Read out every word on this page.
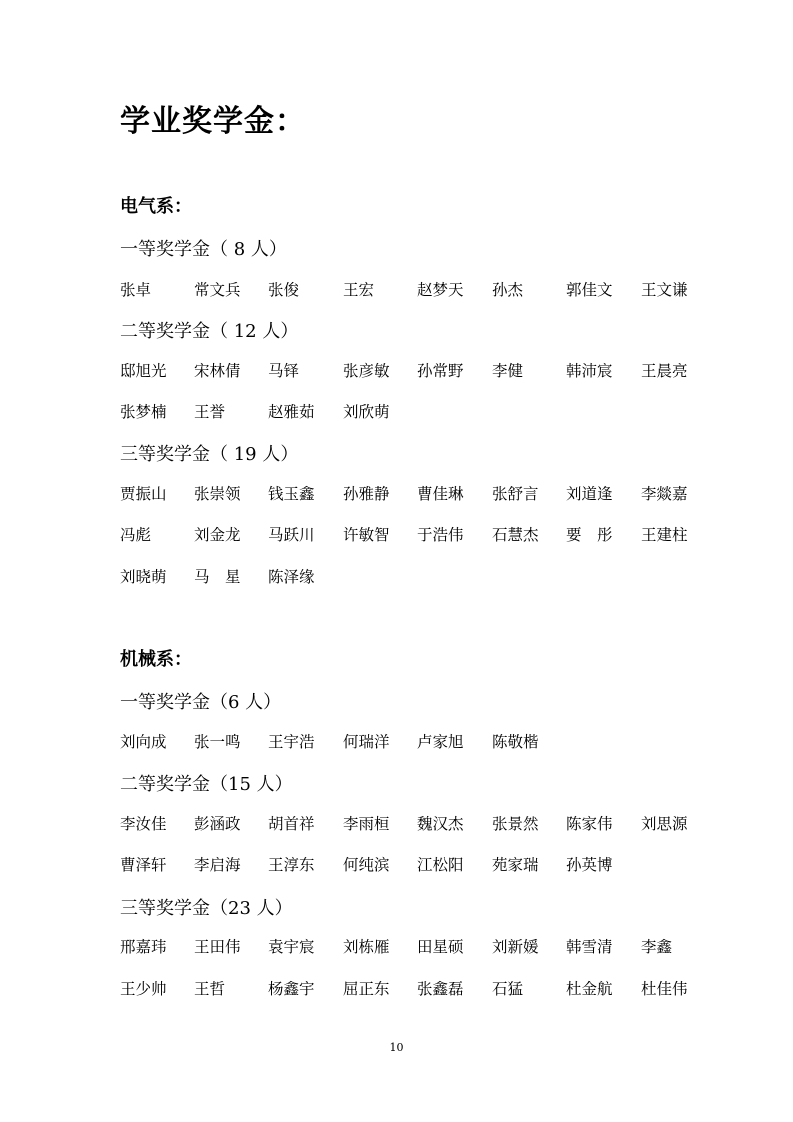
学业奖学金：
电气系：
一等奖学金（ 8 人）
张卓	常文兵 张俊	王宏	赵梦天 孙杰	郭佳文 王文谦
二等奖学金（ 12 人）
邸旭光 宋林倩 马铎	张彦敏 孙常野 李健	韩沛宸 王晨亮
张梦楠 王誉	赵雅茹 刘欣萌
三等奖学金（ 19 人）
贾振山 张崇领 钱玉鑫 孙雅静 曹佳琳 张舒言 刘道逢 李燚嘉
冯彪	刘金龙 马跃川 许敏智 于浩伟 石慧杰 要　彤 王建柱
刘晓萌 马　星 陈泽缘
机械系：
一等奖学金（6 人）
刘向成 张一鸣 王宇浩 何瑞洋 卢家旭 陈敬楷
二等奖学金（15 人）
李汝佳 彭涵政 胡首祥 李雨桓 魏汉杰 张景然 陈家伟 刘思源
曹泽轩 李启海 王淳东 何纯滨 江松阳 苑家瑞 孙英博
三等奖学金（23 人）
邢嘉玮 王田伟 袁宇宸 刘栋雁 田星硕 刘新媛 韩雪清 李鑫
王少帅 王哲	杨鑫宇 屈正东 张鑫磊 石猛	杜金航 杜佳伟
10
